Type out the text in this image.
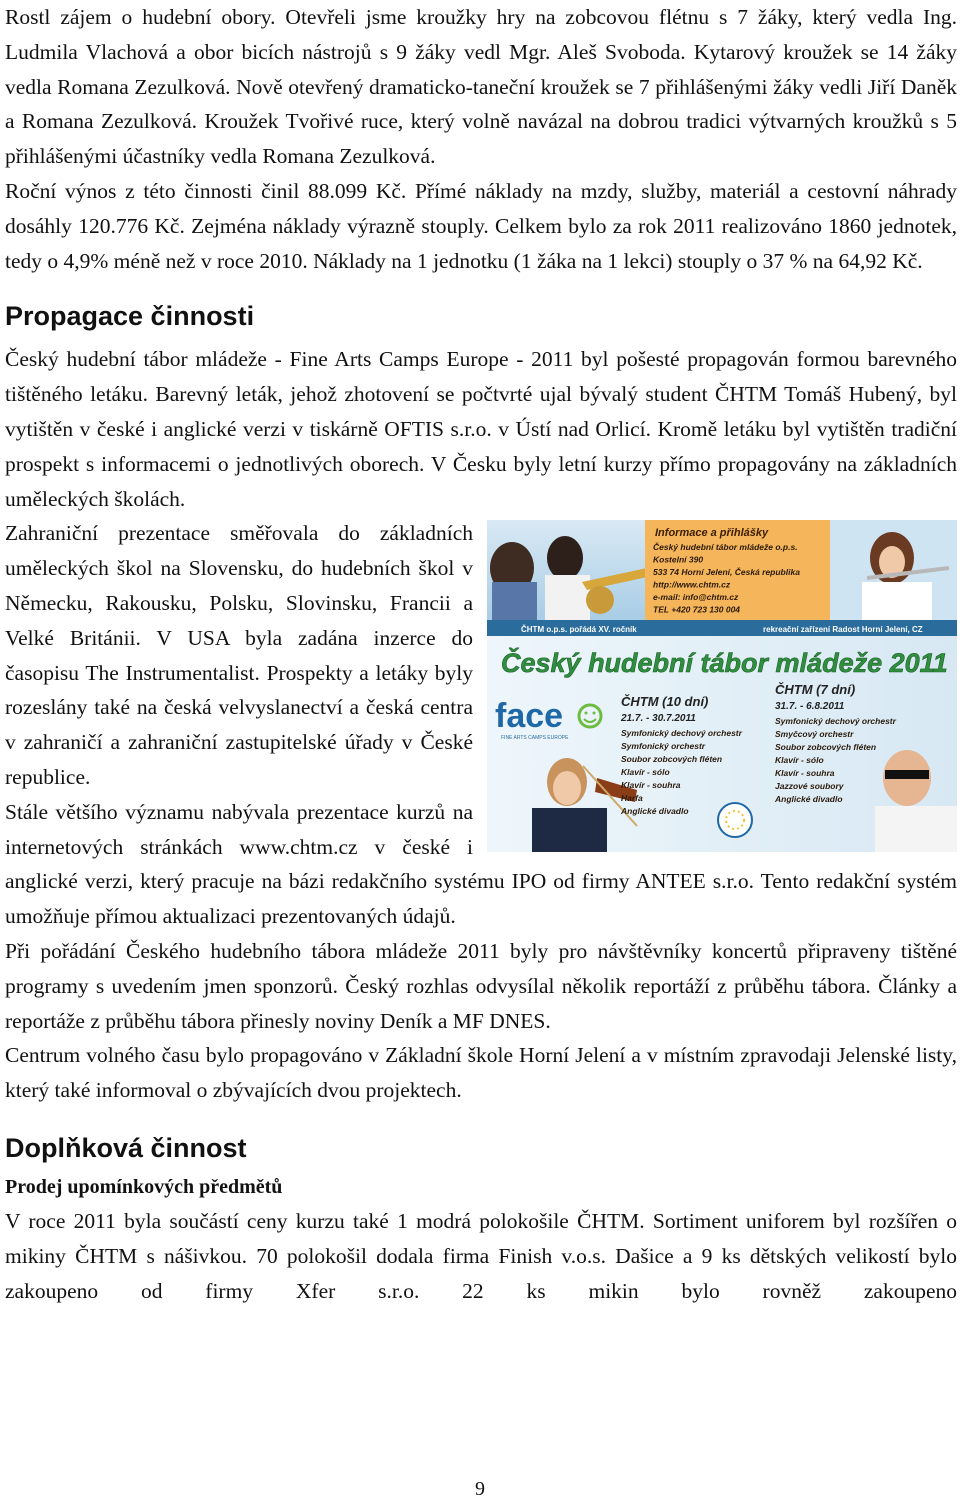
Rostl zájem o hudební obory. Otevřeli jsme kroužky hry na zobcovou flétnu s 7 žáky, který vedla Ing. Ludmila Vlachová a obor bicích nástrojů s 9 žáky vedl Mgr. Aleš Svoboda. Kytarový kroužek se 14 žáky vedla Romana Zezulková. Nově otevřený dramaticko-taneční kroužek se 7 přihlášenými žáky vedli Jiří Daněk a Romana Zezulková. Kroužek Tvořivé ruce, který volně navázal na dobrou tradici výtvarných kroužků s 5 přihlášenými účastníky vedla Romana Zezulková.

Roční výnos z této činnosti činil 88.099 Kč. Přímé náklady na mzdy, služby, materiál a cestovní náhrady dosáhly 120.776 Kč. Zejména náklady výrazně stouply. Celkem bylo za rok 2011 realizováno 1860 jednotek, tedy o 4,9% méně než v roce 2010. Náklady na 1 jednotku (1 žáka na 1 lekci) stouply o 37 % na 64,92 Kč.

Propagace činnosti

Český hudební tábor mládeže - Fine Arts Camps Europe - 2011 byl pošesté propagován formou barevného tištěného letáku. Barevný leták, jehož zhotovení se počtvrté ujal bývalý student ČHTM Tomáš Hubený, byl vytištěn v české i anglické verzi v tiskárně OFTIS s.r.o. v Ústí nad Orlicí. Kromě letáku byl vytištěn tradiční prospekt s informacemi o jednotlivých oborech. V Česku byly letní kurzy přímo propagovány na základních uměleckých školách.

Informace a přihlášky
Český hudební tábor mládeže o.p.s.
Kostelní 390
533 74 Horní Jelení, Česká republika
http://www.chtm.cz
e-mail: info@chtm.cz
TEL +420 723 130 004
ČHTM o.p.s. pořádá XV. ročník	rekreační zařízení Radost Horní Jelení, CZ
Český hudební tábor mládeže 2011
face
FINE ARTS CAMPS EUROPE
ČHTM (10 dní)
21.7. - 30.7.2011
Symfonický dechový orchestr
Symfonický orchestr
Soubor zobcových fléten
Klavír - sólo
Klavír - souhra
Harfa
Anglické divadlo
ČHTM (7 dní)
31.7. - 6.8.2011
Symfonický dechový orchestr
Smyčcový orchestr
Soubor zobcových fléten
Klavír - sólo
Klavír - souhra
Jazzové soubory
Anglické divadlo

Zahraniční prezentace směřovala do základních uměleckých škol na Slovensku, do hudebních škol v Německu, Rakousku, Polsku, Slovinsku, Francii a Velké Británii. V USA byla zadána inzerce do časopisu The Instrumentalist. Prospekty a letáky byly rozeslány také na česká velvyslanectví a česká centra v zahraničí a zahraniční zastupitelské úřady v České republice.

Stále většího významu nabývala prezentace kurzů na internetových stránkách www.chtm.cz v české i anglické verzi, který pracuje na bázi redakčního systému IPO od firmy ANTEE s.r.o. Tento redakční systém umožňuje přímou aktualizaci prezentovaných údajů.

Při pořádání Českého hudebního tábora mládeže 2011 byly pro návštěvníky koncertů připraveny tištěné programy s uvedením jmen sponzorů. Český rozhlas odvysílal několik reportáží z průběhu tábora. Články a reportáže z průběhu tábora přinesly noviny Deník a MF DNES.

Centrum volného času bylo propagováno v Základní škole Horní Jelení a v místním zpravodaji Jelenské listy, který také informoval o zbývajících dvou projektech.

Doplňková činnost
Prodej upomínkových předmětů

V roce 2011 byla součástí ceny kurzu také 1 modrá polokošile ČHTM. Sortiment uniforem byl rozšířen o mikiny ČHTM s nášivkou. 70 polokošil dodala firma Finish v.o.s. Dašice a 9 ks dětských velikostí bylo zakoupeno od firmy Xfer s.r.o. 22 ks mikin bylo rovněž zakoupeno

9
